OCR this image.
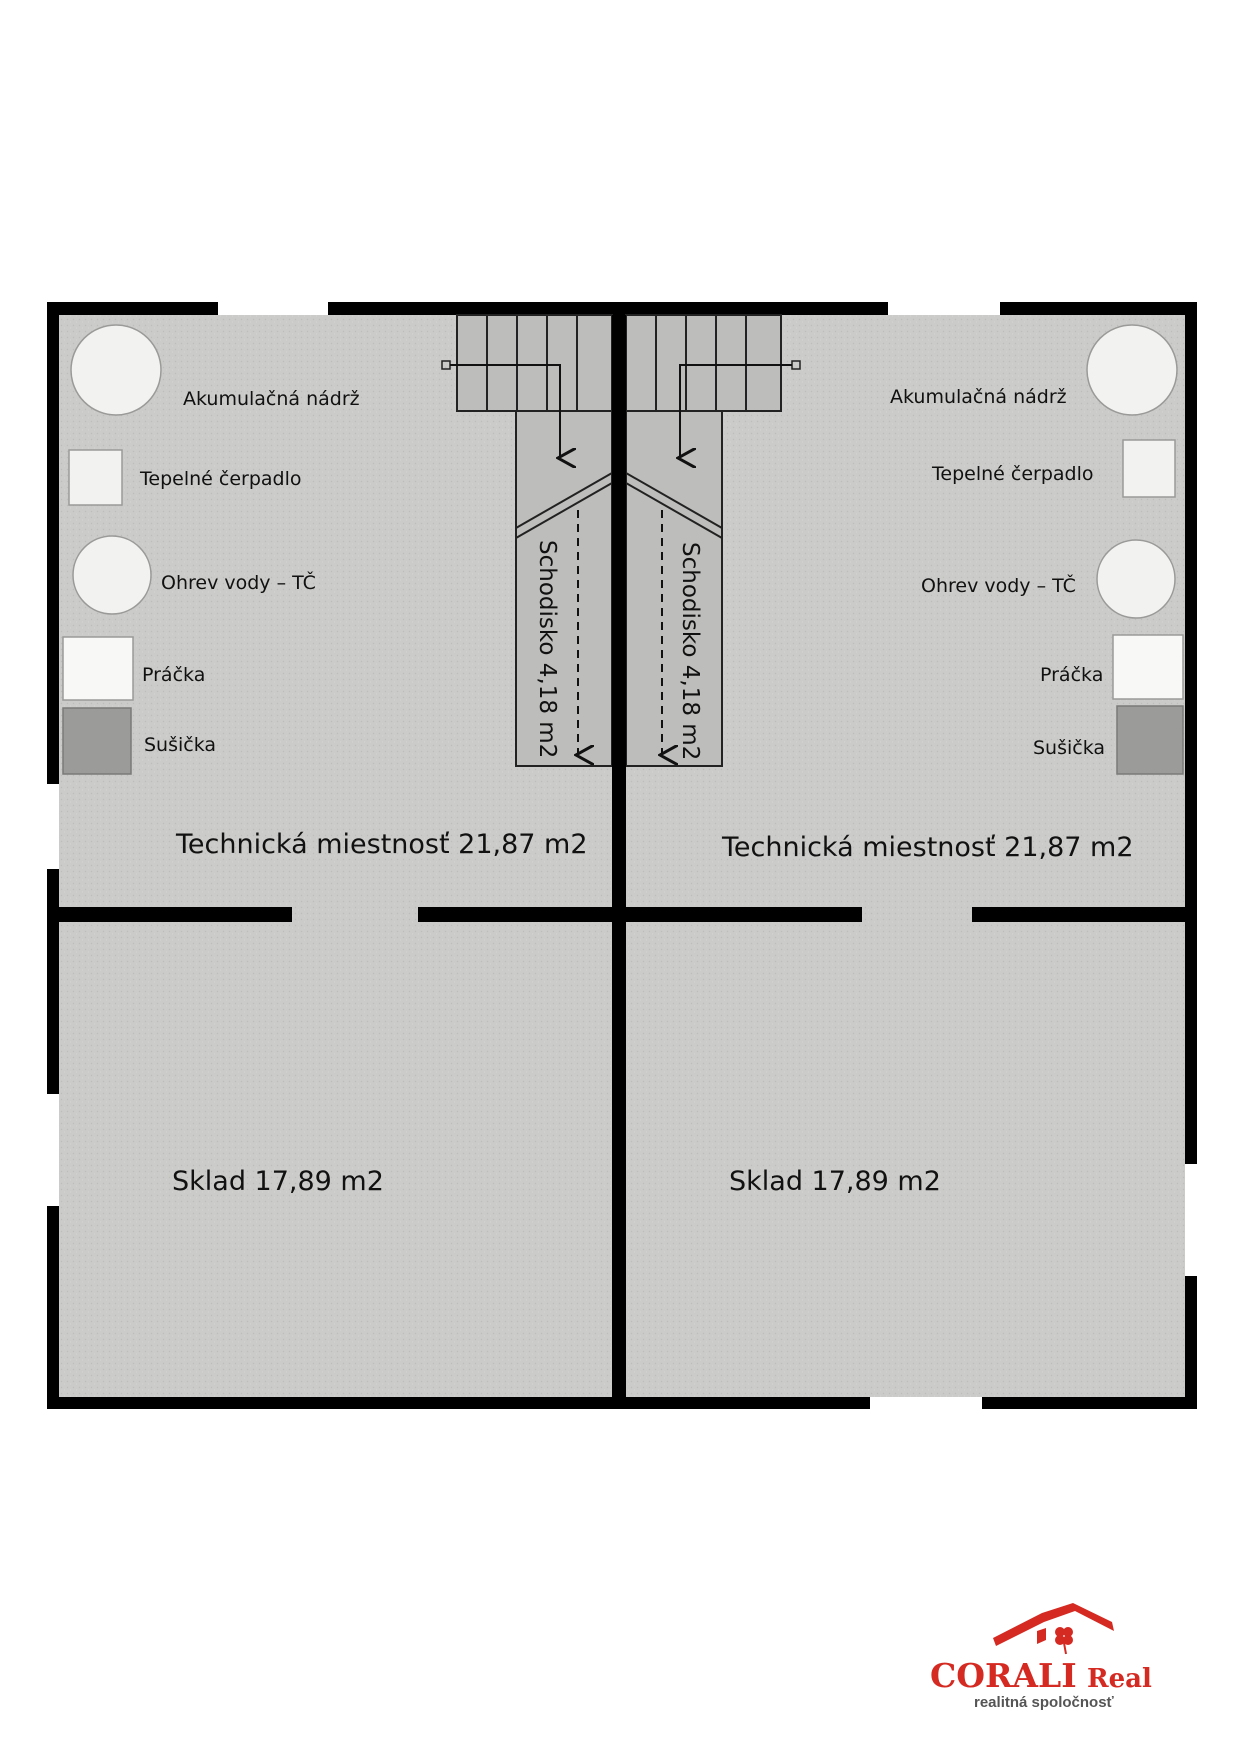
Akumulačná nádrž
Tepelné čerpadlo
Ohrev vody – TČ
Práčka
Sušička
Technická miestnosť 21,87 m2
Sklad 17,89 m2
Schodisko 4,18 m2
Akumulačná nádrž
Tepelné čerpadlo
Ohrev vody – TČ
Práčka
Sušička
Technická miestnosť 21,87 m2
Sklad 17,89 m2
Schodisko 4,18 m2
CORALI Real
realitná spoločnosť
